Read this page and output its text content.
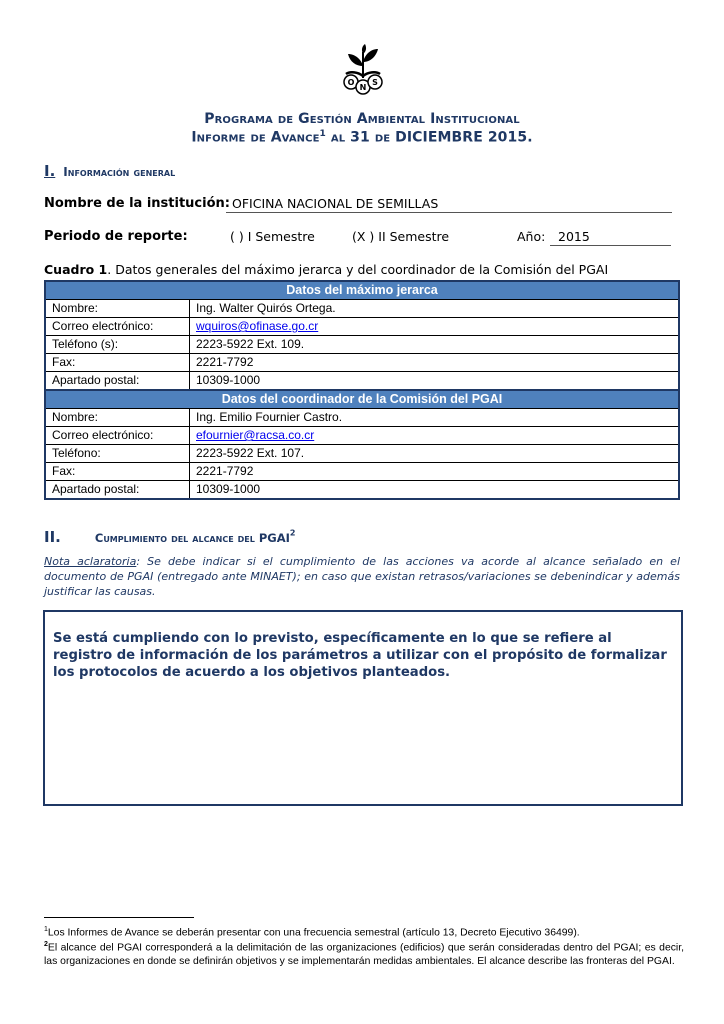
O
N
S
Programa de Gestión Ambiental Institucional
Informe de Avance$^1$ al 31 de DICIEMBRE 2015.
I. Información general
Nombre de la institución: OFICINA NACIONAL DE SEMILLAS
Periodo de reporte:	( ) I Semestre	(X ) II Semestre	Año:	2015
Cuadro 1. Datos generales del máximo jerarca y del coordinador de la Comisión del PGAI
Datos del máximo jerarca	
Nombre:	Ing. Walter Quirós Ortega.
Correo electrónico:	wquiros@ofinase.go.cr
Teléfono (s):	2223-5922 Ext. 109.
Fax:	2221-7792
Apartado postal:	10309-1000
Datos del coordinador de la Comisión del PGAI	
Nombre:	Ing. Emilio Fournier Castro.
Correo electrónico:	efournier@racsa.co.cr
Teléfono:	2223-5922 Ext. 107.
Fax:	2221-7792
Apartado postal:	10309-1000
II.	Cumplimiento del alcance del PGAI$^2$
Nota aclaratoria: Se debe indicar si el cumplimiento de las acciones va acorde al alcance señalado en el documento de PGAI (entregado ante MINAET); en caso que existan retrasos/variaciones se debenindicar y además justificar las causas.
Se está cumpliendo con lo previsto, específicamente en lo que se refiere al registro de información de los parámetros a utilizar con el propósito de formalizar los protocolos de acuerdo a los objetivos planteados.
$^1$Los Informes de Avance se deberán presentar con una frecuencia semestral (artículo 13, Decreto Ejecutivo 36499).
$^2$El alcance del PGAI corresponderá a la delimitación de las organizaciones (edificios) que serán consideradas dentro del PGAI; es decir, las organizaciones en donde se definirán objetivos y se implementarán medidas ambientales. El alcance describe las fronteras del PGAI.
